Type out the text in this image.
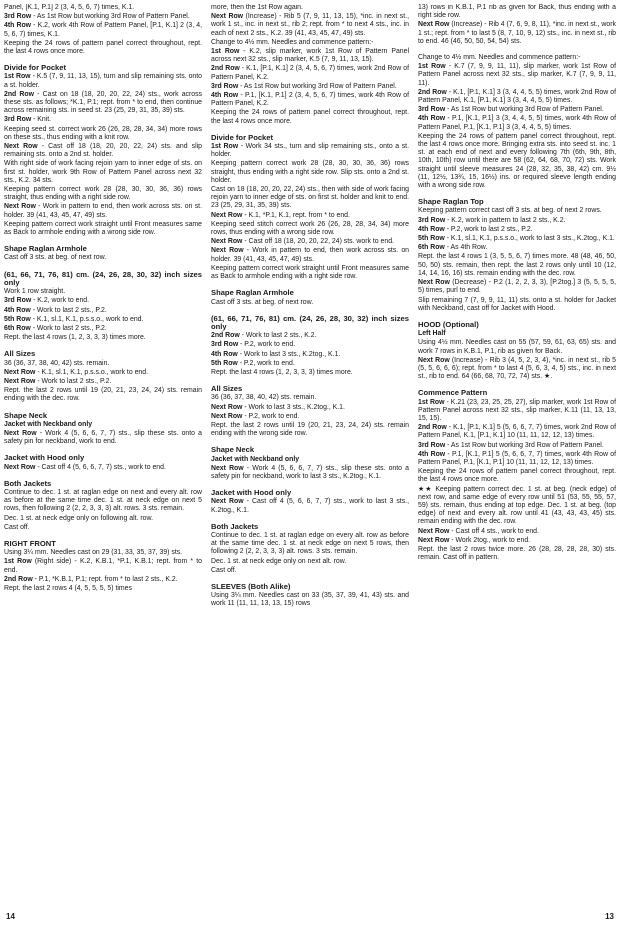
Panel, [K.1, P.1] 2 (3, 4, 5, 6, 7) times, K.1.

3rd Row - As 1st Row but working 3rd Row of Pattern Panel.

4th Row - K.2, work 4th Row of Pattern Panel, [P.1, K.1] 2 (3, 4, 5, 6, 7) times, K.1.

Keeping the 24 rows of pattern panel correct throughout, rept. the last 4 rows once more.

Divide for Pocket

1st Row - K.5 (7, 9, 11, 13, 15), turn and slip remaining sts. onto a st. holder.

2nd Row - Cast on 18 (18, 20, 20, 22, 24) sts., work across these sts. as follows; *K.1, P.1; rept. from * to end, then continue across remaining sts. in seed st. 23 (25, 29, 31, 35, 39) sts.

3rd Row - Knit.

Keeping seed st. correct work 26 (26, 28, 28, 34, 34) more rows on these sts., thus ending with a knit row.

Next Row - Cast off 18 (18, 20, 20, 22, 24) sts. and slip remaining sts. onto a 2nd st. holder.

With right side of work facing rejoin yarn to inner edge of sts. on first st. holder, work 9th Row of Pattern Panel across next 32 sts., K.2. 34 sts.

Keeping pattern correct work 28 (28, 30, 30, 36, 36) rows straight, thus ending with a right side row.

Next Row - Work in pattern to end, then work across sts. on st. holder. 39 (41, 43, 45, 47, 49) sts.

Keeping pattern correct work straight until Front measures same as Back to armhole ending with a wrong side row.

Shape Raglan Armhole

Cast off 3 sts. at beg. of next row.

(61, 66, 71, 76, 81) cm. (24, 26, 28, 30, 32) inch sizes only

Work 1 row straight.

3rd Row - K.2, work to end.

4th Row - Work to last 2 sts., P.2.

5th Row - K.1, sl.1, K.1, p.s.s.o., work to end.

6th Row - Work to last 2 sts., P.2.

Rept. the last 4 rows (1, 2, 3, 3, 3) times more.

All Sizes

36 (36, 37, 38, 40, 42) sts. remain.

Next Row - K.1, sl.1, K.1, p.s.s.o., work to end.

Next Row - Work to last 2 sts., P.2.

Rept. the last 2 rows until 19 (20, 21, 23, 24, 24) sts. remain ending with the dec. row.

Shape Neck

Jacket with Neckband only

Next Row - Work 4 (5, 6, 6, 7, 7) sts., slip these sts. onto a safety pin for neckband, work to end.

Jacket with Hood only

Next Row - Cast off 4 (5, 6, 6, 7, 7) sts., work to end.

Both Jackets

Continue to dec. 1 st. at raglan edge on next and every alt. row as before at the same time dec. 1 st. at neck edge on next 5 rows, then following 2 (2, 2, 3, 3, 3) alt. rows. 3 sts. remain.

Dec. 1 st. at neck edge only on following alt. row.

Cast off.

RIGHT FRONT

Using 3¼ mm. Needles cast on 29 (31, 33, 35, 37, 39) sts.

1st Row (Right side) - K.2, K.B.1, *P.1, K.B.1; rept. from * to end.

2nd Row - P.1, *K.B.1, P.1; rept. from * to last 2 sts., K.2.

Rept. the last 2 rows 4 (4, 5, 5, 5, 5) times

more, then the 1st Row again.

Next Row (Increase) - Rib 5 (7, 9, 11, 13, 15), *inc. in next st., work 1 st., inc. in next st., rib 2; rept. from * to next 4 sts., inc. in each of next 2 sts., K.2. 39 (41, 43, 45, 47, 49) sts.

Change to 4½ mm. Needles and commence pattern:-

1st Row - K.2, slip marker, work 1st Row of Pattern Panel across next 32 sts., slip marker, K.5 (7, 9, 11, 13, 15).

2nd Row - K.1, [P.1, K.1] 2 (3, 4, 5, 6, 7) times, work 2nd Row of Pattern Panel, K.2.

3rd Row - As 1st Row but working 3rd Row of Pattern Panel.

4th Row - P.1, [K.1, P.1] 2 (3, 4, 5, 6, 7) times, work 4th Row of Pattern Panel, K.2.

Keeping the 24 rows of pattern panel correct throughout, rept. the last 4 rows once more.

Divide for Pocket

1st Row - Work 34 sts., turn and slip remaining sts., onto a st. holder.

Keeping pattern correct work 28 (28, 30, 30, 36, 36) rows straight, thus ending with a right side row. Slip sts. onto a 2nd st. holder.

Cast on 18 (18, 20, 20, 22, 24) sts., then with side of work facing rejoin yarn to inner edge of sts. on first st. holder and knit to end. 23 (25, 29, 31, 35, 39) sts.

Next Row - K.1, *P.1, K.1, rept. from * to end.

Keeping seed stitch correct work 26 (26, 28, 28, 34, 34) more rows, thus ending with a wrong side row.

Next Row - Cast off 18 (18, 20, 20, 22, 24) sts. work to end.

Next Row - Work in pattern to end, then work across sts. on holder. 39 (41, 43, 45, 47, 49) sts.

Keeping pattern correct work straight until Front measures same as Back to armhole ending with a right side row.

Shape Raglan Armhole

Cast off 3 sts. at beg. of next row.

(61, 66, 71, 76, 81) cm. (24, 26, 28, 30, 32) inch sizes only

2nd Row - Work to last 2 sts., K.2.

3rd Row - P.2, work to end.

4th Row - Work to last 3 sts., K.2tog., K.1.

5th Row - P.2, work to end.

Rept. the last 4 rows (1, 2, 3, 3, 3) times more.

All Sizes

36 (36, 37, 38, 40, 42) sts. remain.

Next Row - Work to last 3 sts., K.2tog., K.1.

Next Row - P.2, work to end.

Rept. the last 2 rows until 19 (20, 21, 23, 24, 24) sts. remain ending with the wrong side row.

Shape Neck

Jacket with Neckband only

Next Row - Work 4 (5, 6, 6, 7, 7) sts., slip these sts. onto a safety pin for neckband, work to last 3 sts., K.2tog., K.1.

Jacket with Hood only

Next Row - Cast off 4 (5, 6, 6, 7, 7) sts., work to last 3 sts., K.2tog., K.1.

Both Jackets

Continue to dec. 1 st. at raglan edge on every alt. row as before at the same time dec. 1 st. at neck edge on next 5 rows, then following 2 (2, 2, 3, 3, 3) alt. rows. 3 sts. remain.

Dec. 1 st. at neck edge only on next alt. row.

Cast off.

SLEEVES (Both Alike)

Using 3¼ mm. Needles cast on 33 (35, 37, 39, 41, 43) sts. and work 11 (11, 11, 13, 13, 15) rows

13) rows in K.B.1, P.1 rib as given for Back, thus ending with a right side row.

Next Row (Increase) - Rib 4 (7, 6, 9, 8, 11), *inc. in next st., work 1 st.; rept. from * to last 5 (8, 7, 10, 9, 12) sts., inc. in next st., rib to end. 46 (46, 50, 50, 54, 54) sts.

Change to 4½ mm. Needles and commence pattern:-

1st Row - K.7 (7, 9, 9, 11, 11), slip marker, work 1st Row of Pattern Panel across next 32 sts., slip marker, K.7 (7, 9, 9, 11, 11).

2nd Row - K.1, [P.1, K.1] 3 (3, 4, 4, 5, 5) times, work 2nd Row of Pattern Panel, K.1, [P.1, K.1] 3 (3, 4, 4, 5, 5) times.

3rd Row - As 1st Row but working 3rd Row of Pattern Panel.

4th Row - P.1, [K.1, P.1] 3 (3, 4, 4, 5, 5) times, work 4th Row of Pattern Panel, P.1, [K.1, P.1] 3 (3, 4, 4, 5, 5) times.

Keeping the 24 rows of pattern panel correct throughout, rept. the last 4 rows once more. Bringing extra sts. into seed st. inc. 1 st. at each end of next and every following 7th (6th, 9th, 8th, 10th, 10th) row until there are 58 (62, 64, 68, 70, 72) sts. Work straight until sleeve measures 24 (28, 32, 35, 38, 42) cm. 9½ (11, 12½, 13¾, 15, 16½) ins. or required sleeve length ending with a wrong side row.

Shape Raglan Top

Keeping pattern correct cast off 3 sts. at beg. of next 2 rows.

3rd Row - K.2, work in pattern to last 2 sts., K.2.

4th Row - P.2, work to last 2 sts., P.2.

5th Row - K.1, sl.1, K.1, p.s.s.o., work to last 3 sts., K.2tog., K.1.

6th Row - As 4th Row.

Rept. the last 4 rows 1 (3, 5, 5, 6, 7) times more. 48 (48, 46, 50, 50, 50) sts. remain, then rept. the last 2 rows only until 10 (12, 14, 14, 16, 16) sts. remain ending with the dec. row.

Next Row (Decrease) - P.2 (1, 2, 2, 3, 3), [P.2tog.] 3 (5, 5, 5, 5, 5) times, purl to end.

Slip remaining 7 (7, 9, 9, 11, 11) sts. onto a st. holder for Jacket with Neckband, cast off for Jacket with Hood.

HOOD (Optional)

Left Half

Using 4½ mm. Needles cast on 55 (57, 59, 61, 63, 65) sts. and work 7 rows in K.B.1, P.1, rib as given for Back.

Next Row (Increase) - Rib 3 (4, 5, 2, 3, 4), *inc. in next st., rib 5 (5, 5, 6, 6, 6); rept. from * to last 4 (5, 6, 3, 4, 5) sts., inc. in next st., rib to end. 64 (66, 68, 70, 72, 74) sts. ★.

Commence Pattern

1st Row - K.21 (23, 23, 25, 25, 27), slip marker, work 1st Row of Pattern Panel across next 32 sts., slip marker, K.11 (11, 13, 13, 15, 15).

2nd Row - K.1, [P.1, K.1] 5 (5, 6, 6, 7, 7) times, work 2nd Row of Pattern Panel, K.1, [P.1, K.1] 10 (11, 11, 12, 12, 13) times.

3rd Row - As 1st Row but working 3rd Row of Pattern Panel.

4th Row - P.1, [K.1, P.1] 5 (5, 6, 6, 7, 7) times, work 4th Row of Pattern Panel, P.1, [K.1, P.1] 10 (11, 11, 12, 12, 13) times.

Keeping the 24 rows of pattern panel correct throughout, rept. the last 4 rows once more.

★★ Keeping pattern correct dec. 1 st. at beg. (neck edge) of next row, and same edge of every row until 51 (53, 55, 55, 57, 59) sts. remain, thus ending at top edge. Dec. 1 st. at beg. (top edge) of next and every alt. row until 41 (43, 43, 43, 45) sts. remain ending with the dec. row.

Next Row - Cast off 4 sts., work to end.

Next Row - Work 2tog., work to end.

Rept. the last 2 rows twice more. 26 (28, 28, 28, 28, 30) sts. remain. Cast off in pattern.

14	13
